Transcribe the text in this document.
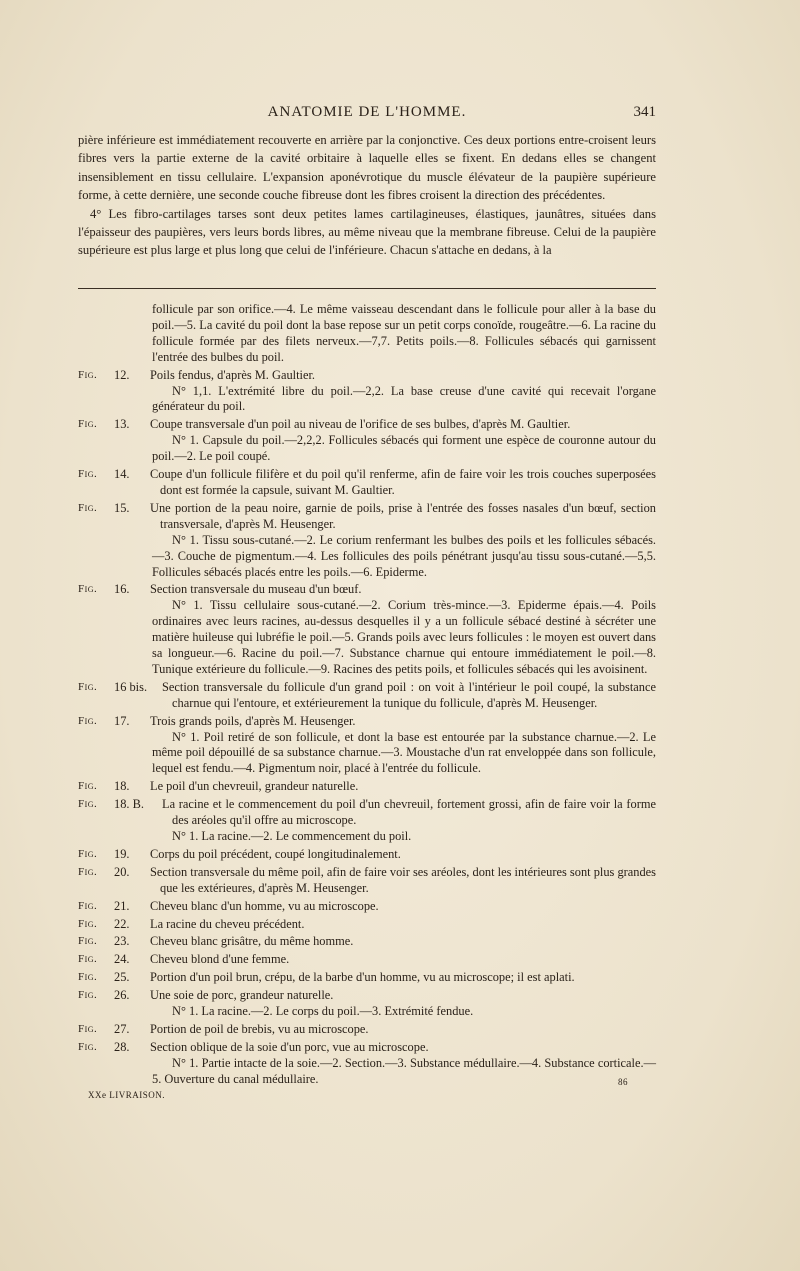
ANATOMIE DE L'HOMME.	341

pière inférieure est immédiatement recouverte en arrière par la conjonctive. Ces deux portions entre-croisent leurs fibres vers la partie externe de la cavité orbitaire à laquelle elles se fixent. En dedans elles se changent insensiblement en tissu cellulaire. L'expansion aponévrotique du muscle élévateur de la paupière supérieure forme, à cette dernière, une seconde couche fibreuse dont les fibres croisent la direction des précédentes.

4° Les fibro-cartilages tarses sont deux petites lames cartilagineuses, élastiques, jaunâtres, situées dans l'épaisseur des paupières, vers leurs bords libres, au même niveau que la membrane fibreuse. Celui de la paupière supérieure est plus large et plus long que celui de l'inférieure. Chacun s'attache en dedans, à la

follicule par son orifice.—4. Le même vaisseau descendant dans le follicule pour aller à la base du poil.—5. La cavité du poil dont la base repose sur un petit corps conoïde, rougeâtre.—6. La racine du follicule formée par des filets nerveux.—7,7. Petits poils.—8. Follicules sébacés qui garnissent l'entrée des bulbes du poil.
Fig. 12.	Poils fendus, d'après M. Gaultier.
N° 1,1. L'extrémité libre du poil.—2,2. La base creuse d'une cavité qui recevait l'organe générateur du poil.
Fig. 13.	Coupe transversale d'un poil au niveau de l'orifice de ses bulbes, d'après M. Gaultier.
N° 1. Capsule du poil.—2,2,2. Follicules sébacés qui forment une espèce de couronne autour du poil.—2. Le poil coupé.
Fig. 14.	Coupe d'un follicule filifère et du poil qu'il renferme, afin de faire voir les trois couches superposées dont est formée la capsule, suivant M. Gaultier.
Fig. 15.	Une portion de la peau noire, garnie de poils, prise à l'entrée des fosses nasales d'un bœuf, section transversale, d'après M. Heusenger.
N° 1. Tissu sous-cutané.—2. Le corium renfermant les bulbes des poils et les follicules sébacés.—3. Couche de pigmentum.—4. Les follicules des poils pénétrant jusqu'au tissu sous-cutané.—5,5. Follicules sébacés placés entre les poils.—6. Epiderme.
Fig. 16.	Section transversale du museau d'un bœuf.
N° 1. Tissu cellulaire sous-cutané.—2. Corium très-mince.—3. Epiderme épais.—4. Poils ordinaires avec leurs racines, au-dessus desquelles il y a un follicule sébacé destiné à sécréter une matière huileuse qui lubréfie le poil.—5. Grands poils avec leurs follicules : le moyen est ouvert dans sa longueur.—6. Racine du poil.—7. Substance charnue qui entoure immédiatement le poil.—8. Tunique extérieure du follicule.—9. Racines des petits poils, et follicules sébacés qui les avoisinent.
Fig. 16 bis.	Section transversale du follicule d'un grand poil : on voit à l'intérieur le poil coupé, la substance charnue qui l'entoure, et extérieurement la tunique du follicule, d'après M. Heusenger.
Fig. 17.	Trois grands poils, d'après M. Heusenger.
N° 1. Poil retiré de son follicule, et dont la base est entourée par la substance charnue.—2. Le même poil dépouillé de sa substance charnue.—3. Moustache d'un rat enveloppée dans son follicule, lequel est fendu.—4. Pigmentum noir, placé à l'entrée du follicule.
Fig. 18.	Le poil d'un chevreuil, grandeur naturelle.
Fig. 18. B.	La racine et le commencement du poil d'un chevreuil, fortement grossi, afin de faire voir la forme des aréoles qu'il offre au microscope.
N° 1. La racine.—2. Le commencement du poil.
Fig. 19.	Corps du poil précédent, coupé longitudinalement.
Fig. 20.	Section transversale du même poil, afin de faire voir ses aréoles, dont les intérieures sont plus grandes que les extérieures, d'après M. Heusenger.
Fig. 21.	Cheveu blanc d'un homme, vu au microscope.
Fig. 22.	La racine du cheveu précédent.
Fig. 23.	Cheveu blanc grisâtre, du même homme.
Fig. 24.	Cheveu blond d'une femme.
Fig. 25.	Portion d'un poil brun, crépu, de la barbe d'un homme, vu au microscope; il est aplati.
Fig. 26.	Une soie de porc, grandeur naturelle.
N° 1. La racine.—2. Le corps du poil.—3. Extrémité fendue.
Fig. 27.	Portion de poil de brebis, vu au microscope.
Fig. 28.	Section oblique de la soie d'un porc, vue au microscope.
N° 1. Partie intacte de la soie.—2. Section.—3. Substance médullaire.—4. Substance corticale.—5. Ouverture du canal médullaire.
XXe LIVRAISON.
86
